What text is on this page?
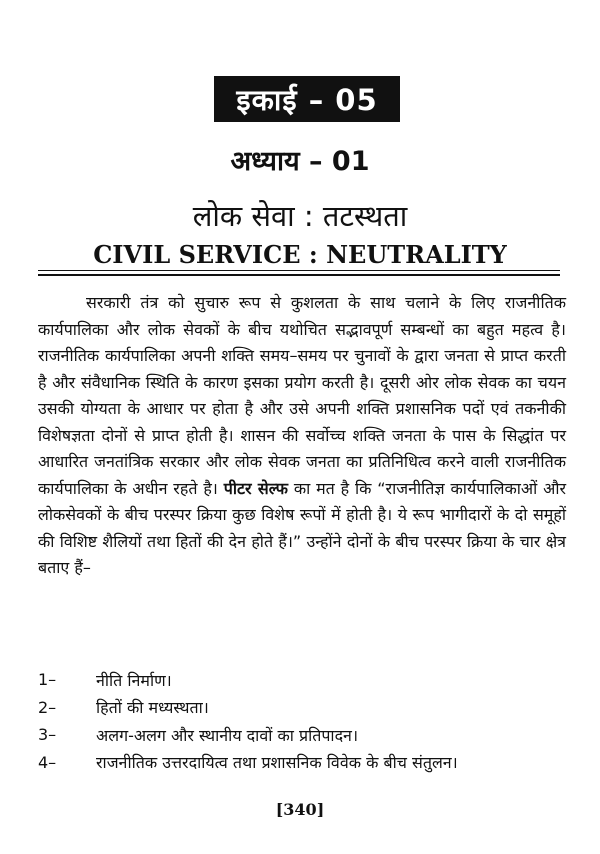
इकाई – 05
अध्याय – 01
लोक सेवा : तटस्थता
CIVIL SERVICE : NEUTRALITY

सरकारी तंत्र को सुचारु रूप से कुशलता के साथ चलाने के लिए राजनीतिक कार्यपालिका और लोक सेवकों के बीच यथोचित सद्भावपूर्ण सम्बन्धों का बहुत महत्व है। राजनीतिक कार्यपालिका अपनी शक्ति समय–समय पर चुनावों के द्वारा जनता से प्राप्त करती है और संवैधानिक स्थिति के कारण इसका प्रयोग करती है। दूसरी ओर लोक सेवक का चयन उसकी योग्यता के आधार पर होता है और उसे अपनी शक्ति प्रशासनिक पदों एवं तकनीकी विशेषज्ञता दोनों से प्राप्त होती है। शासन की सर्वोच्च शक्ति जनता के पास के सिद्धांत पर आधारित जनतांत्रिक सरकार और लोक सेवक जनता का प्रतिनिधित्व करने वाली राजनीतिक कार्यपालिका के अधीन रहते है। पीटर सेल्फ का मत है कि “राजनीतिज्ञ कार्यपालिकाओं और लोकसेवकों के बीच परस्पर क्रिया कुछ विशेष रूपों में होती है। ये रूप भागीदारों के दो समूहों की विशिष्ट शैलियों तथा हितों की देन होते हैं।” उन्होंने दोनों के बीच परस्पर क्रिया के चार क्षेत्र बताए हैं–

1–	नीति निर्माण।
2–	हितों की मध्यस्थता।
3–	अलग-अलग और स्थानीय दावों का प्रतिपादन।
4–	राजनीतिक उत्तरदायित्व तथा प्रशासनिक विवेक के बीच संतुलन।
[340]
